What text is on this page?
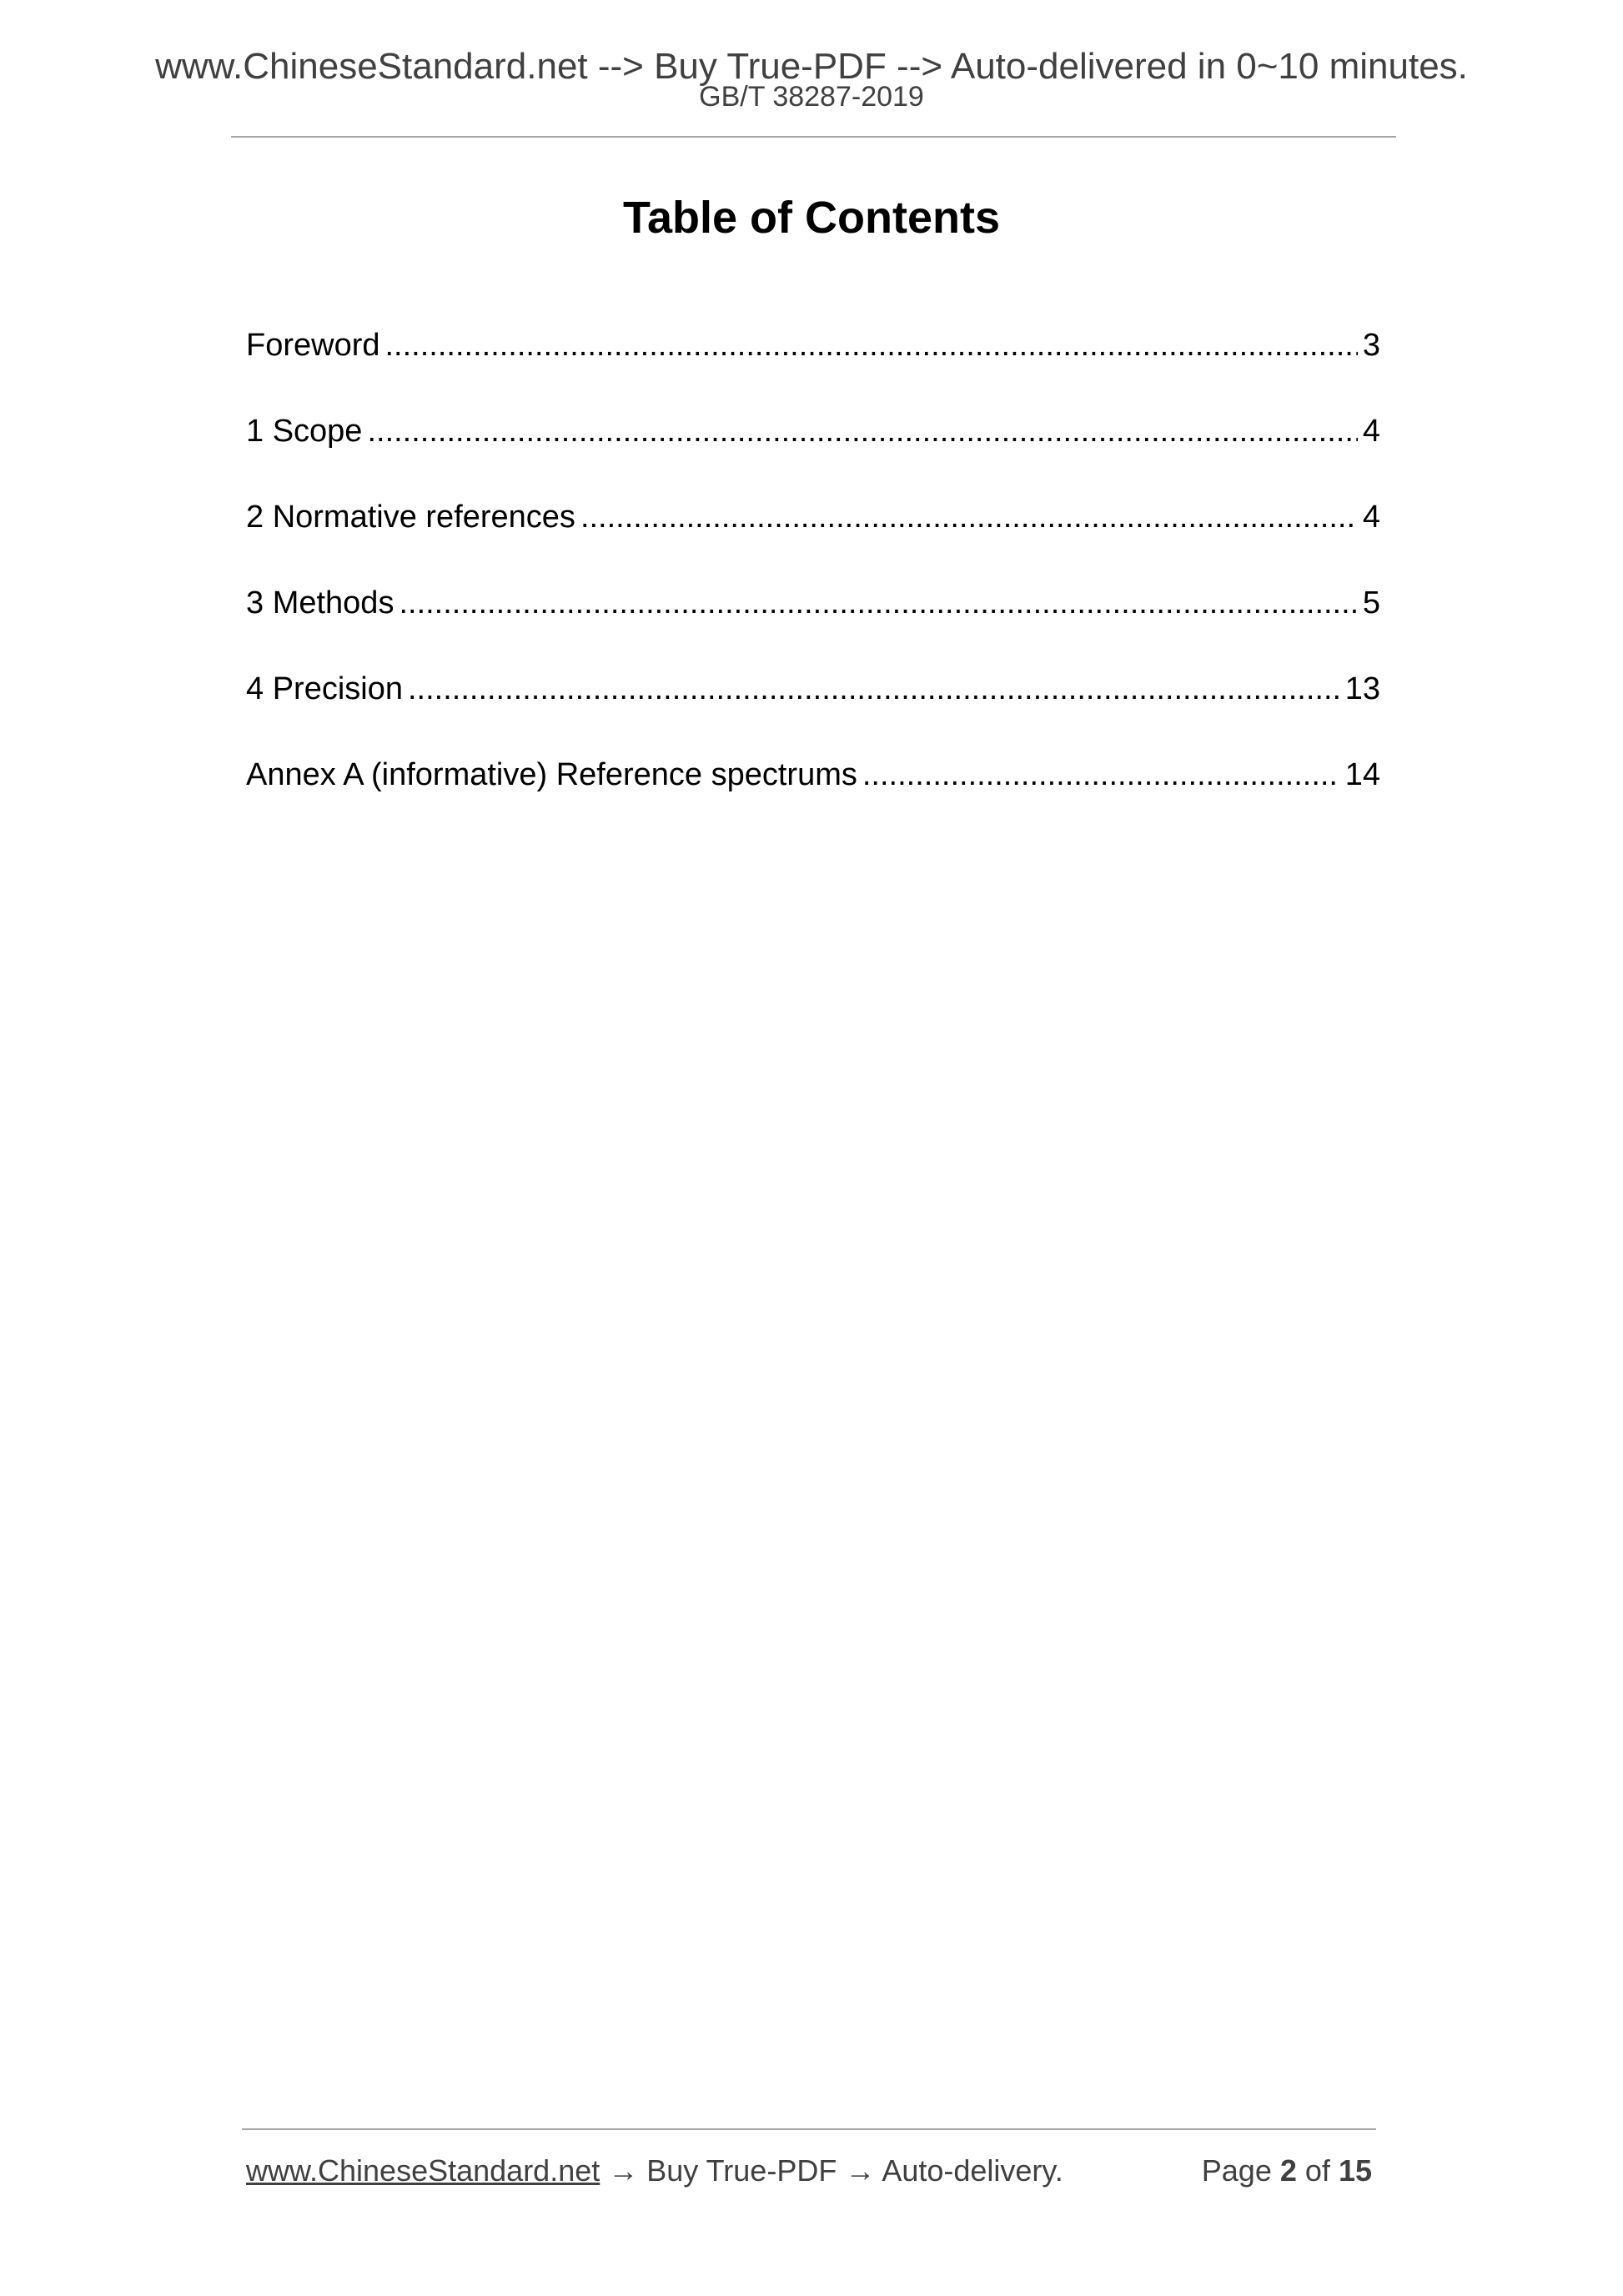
www.ChineseStandard.net --> Buy True-PDF --> Auto-delivered in 0~10 minutes.
GB/T 38287-2019
Table of Contents
Foreword .....	3
1 Scope .....	4
2 Normative references .....	4
3 Methods .....	5
4 Precision .....	13
Annex A (informative) Reference spectrums .....	14
www.ChineseStandard.net → Buy True-PDF → Auto-delivery.	Page 2 of 15
